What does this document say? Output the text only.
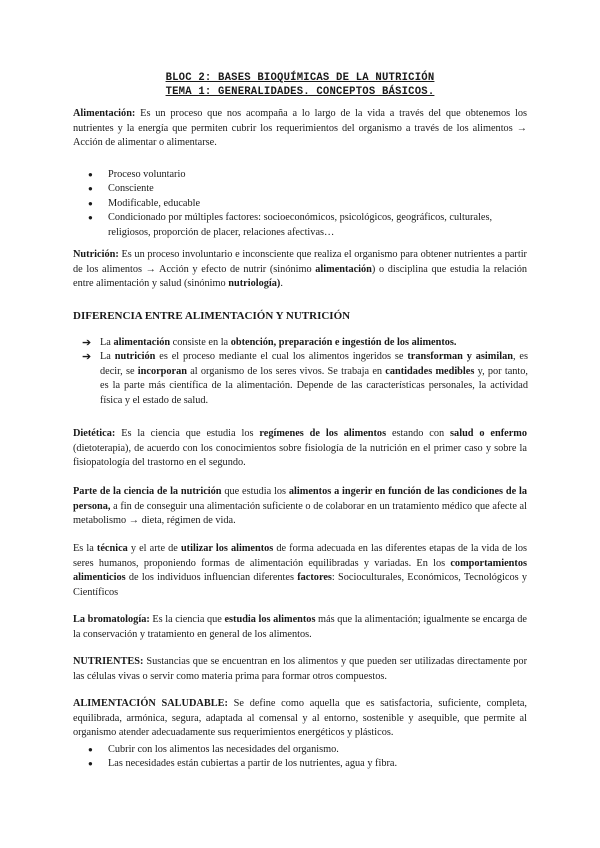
BLOC 2: BASES BIOQUÍMICAS DE LA NUTRICIÓN
TEMA 1: GENERALIDADES. CONCEPTOS BÁSICOS.

Alimentación: Es un proceso que nos acompaña a lo largo de la vida a través del que obtenemos los nutrientes y la energía que permiten cubrir los requerimientos del organismo a través de los alimentos → Acción de alimentar o alimentarse.

● Proceso voluntario
● Consciente
● Modificable, educable
● Condicionado por múltiples factores: socioeconómicos, psicológicos, geográficos, culturales, religiosos, proporción de placer, relaciones afectivas…

Nutrición: Es un proceso involuntario e inconsciente que realiza el organismo para obtener nutrientes a partir de los alimentos → Acción y efecto de nutrir (sinónimo alimentación) o disciplina que estudia la relación entre alimentación y salud (sinónimo nutriología).

DIFERENCIA ENTRE ALIMENTACIÓN Y NUTRICIÓN
➔ La alimentación consiste en la obtención, preparación e ingestión de los alimentos.
➔ La nutrición es el proceso mediante el cual los alimentos ingeridos se transforman y asimilan, es decir, se incorporan al organismo de los seres vivos. Se trabaja en cantidades medibles y, por tanto, es la parte más científica de la alimentación. Depende de las características personales, la actividad física y el estado de salud.

Dietética: Es la ciencia que estudia los regímenes de los alimentos estando con salud o enfermo (dietoterapia), de acuerdo con los conocimientos sobre fisiología de la nutrición en el primer caso y sobre la fisiopatología del trastorno en el segundo.

Parte de la ciencia de la nutrición que estudia los alimentos a ingerir en función de las condiciones de la persona, a fin de conseguir una alimentación suficiente o de colaborar en un tratamiento médico que afecte al metabolismo → dieta, régimen de vida.

Es la técnica y el arte de utilizar los alimentos de forma adecuada en las diferentes etapas de la vida de los seres humanos, proponiendo formas de alimentación equilibradas y variadas. En los comportamientos alimenticios de los individuos influencian diferentes factores: Socioculturales, Económicos, Tecnológicos y Científicos

La bromatología: Es la ciencia que estudia los alimentos más que la alimentación; igualmente se encarga de la conservación y tratamiento en general de los alimentos.

NUTRIENTES: Sustancias que se encuentran en los alimentos y que pueden ser utilizadas directamente por las células vivas o servir como materia prima para formar otros compuestos.

ALIMENTACIÓN SALUDABLE: Se define como aquella que es satisfactoria, suficiente, completa, equilibrada, armónica, segura, adaptada al comensal y al entorno, sostenible y asequible, que permite al organismo atender adecuadamente sus requerimientos energéticos y plásticos.

● Cubrir con los alimentos las necesidades del organismo.
● Las necesidades están cubiertas a partir de los nutrientes, agua y fibra.
